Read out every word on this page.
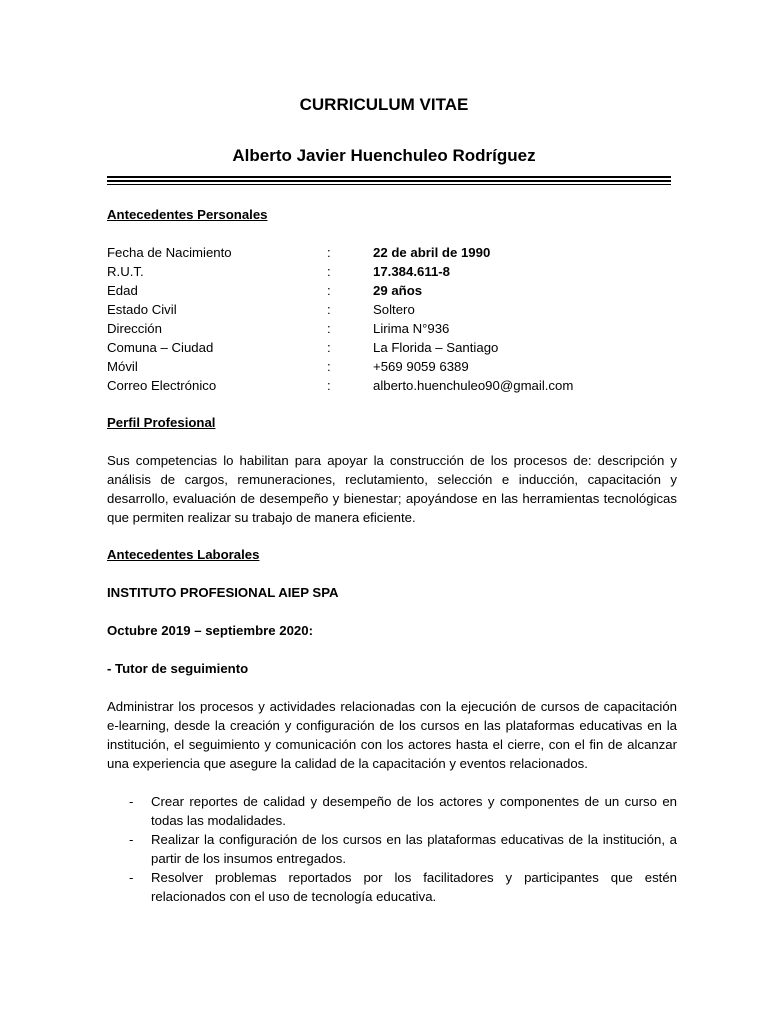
CURRICULUM VITAE
Alberto Javier Huenchuleo Rodríguez
Antecedentes Personales
Fecha de Nacimiento	:	22 de abril de 1990
R.U.T.	:	17.384.611-8
Edad	:	29 años
Estado Civil	:	Soltero
Dirección	:	Lirima N°936
Comuna – Ciudad	:	La Florida – Santiago
Móvil	:	+569 9059 6389
Correo Electrónico	:	alberto.huenchuleo90@gmail.com
Perfil Profesional
Sus competencias lo habilitan para apoyar la construcción de los procesos de: descripción y análisis de cargos, remuneraciones, reclutamiento, selección e inducción, capacitación y desarrollo, evaluación de desempeño y bienestar; apoyándose en las herramientas tecnológicas que permiten realizar su trabajo de manera eficiente.
Antecedentes Laborales
INSTITUTO PROFESIONAL AIEP SPA
Octubre 2019 – septiembre 2020:
- Tutor de seguimiento
Administrar los procesos y actividades relacionadas con la ejecución de cursos de capacitación e-learning, desde la creación y configuración de los cursos en las plataformas educativas en la institución, el seguimiento y comunicación con los actores hasta el cierre, con el fin de alcanzar una experiencia que asegure la calidad de la capacitación y eventos relacionados.
- Crear reportes de calidad y desempeño de los actores y componentes de un curso en todas las modalidades.
- Realizar la configuración de los cursos en las plataformas educativas de la institución, a partir de los insumos entregados.
- Resolver problemas reportados por los facilitadores y participantes que estén relacionados con el uso de tecnología educativa.
